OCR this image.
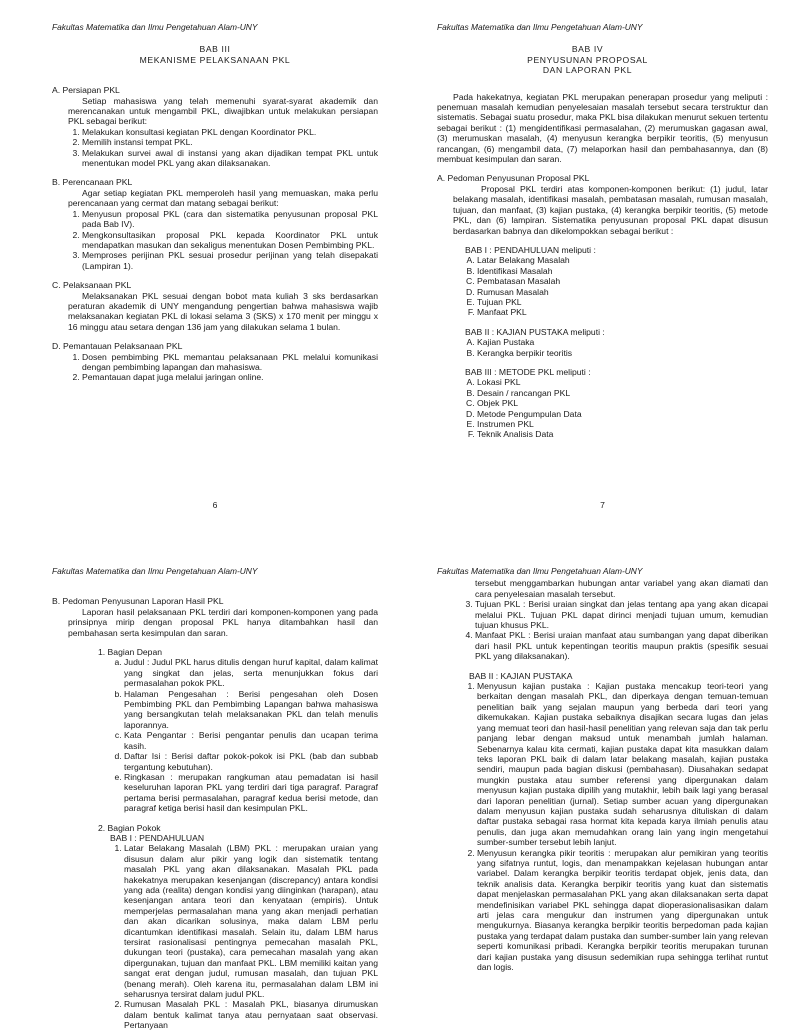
Fakultas Matematika dan Ilmu Pengetahuan Alam-UNY
BAB III
MEKANISME PELAKSANAAN PKL
A. Persiapan PKL
Setiap mahasiswa yang telah memenuhi syarat-syarat akademik dan merencanakan untuk mengambil PKL, diwajibkan untuk melakukan persiapan PKL sebagai berikut:
1. Melakukan konsultasi kegiatan PKL dengan Koordinator PKL.
2. Memilih instansi tempat PKL.
3. Melakukan survei awal di instansi yang akan dijadikan tempat PKL untuk menentukan model PKL yang akan dilaksanakan.
B. Perencanaan PKL
Agar setiap kegiatan PKL memperoleh hasil yang memuaskan, maka perlu perencanaan yang cermat dan matang sebagai berikut:
1. Menyusun proposal PKL (cara dan sistematika penyusunan proposal PKL pada Bab IV).
2. Mengkonsultasikan proposal PKL kepada Koordinator PKL untuk mendapatkan masukan dan sekaligus menentukan Dosen Pembimbing PKL.
3. Memproses perijinan PKL sesuai prosedur perijinan yang telah disepakati (Lampiran 1).
C. Pelaksanaan PKL
Melaksanakan PKL sesuai dengan bobot mata kuliah 3 sks berdasarkan peraturan akademik di UNY mengandung pengertian bahwa mahasiswa wajib melaksanakan kegiatan PKL di lokasi selama 3 (SKS) x 170 menit per minggu x 16 minggu atau setara dengan 136 jam yang dilakukan selama 1 bulan.
D. Pemantauan Pelaksanaan PKL
1. Dosen pembimbing PKL memantau pelaksanaan PKL melalui komunikasi dengan pembimbing lapangan dan mahasiswa.
2. Pemantauan dapat juga melalui jaringan online.
6
Fakultas Matematika dan Ilmu Pengetahuan Alam-UNY
BAB IV
PENYUSUNAN PROPOSAL
DAN LAPORAN PKL
Pada hakekatnya, kegiatan PKL merupakan penerapan prosedur yang meliputi : penemuan masalah kemudian penyelesaian masalah tersebut secara terstruktur dan sistematis. Sebagai suatu prosedur, maka PKL bisa dilakukan menurut sekuen tertentu sebagai berikut : (1) mengidentifikasi permasalahan, (2) merumuskan gagasan awal, (3) merumuskan masalah, (4) menyusun kerangka berpikir teoritis, (5) menyusun rancangan, (6) mengambil data, (7) melaporkan hasil dan pembahasannya, dan (8) membuat kesimpulan dan saran.
A. Pedoman Penyusunan Proposal PKL
Proposal PKL terdiri atas komponen-komponen berikut: (1) judul, latar belakang masalah, identifikasi masalah, pembatasan masalah, rumusan masalah, tujuan, dan manfaat, (3) kajian pustaka, (4) kerangka berpikir teoritis, (5) metode PKL, dan (6) lampiran. Sistematika penyusunan proposal PKL dapat disusun berdasarkan babnya dan dikelompokkan sebagai berikut :
BAB I : PENDAHULUAN meliputi :
A. Latar Belakang Masalah
B. Identifikasi Masalah
C. Pembatasan Masalah
D. Rumusan Masalah
E. Tujuan PKL
F. Manfaat PKL
BAB II : KAJIAN PUSTAKA meliputi :
A. Kajian Pustaka
B. Kerangka berpikir teoritis
BAB III : METODE PKL meliputi :
A. Lokasi PKL
B. Desain / rancangan PKL
C. Objek PKL
D. Metode Pengumpulan Data
E. Instrumen PKL
F. Teknik Analisis Data
7
Fakultas Matematika dan Ilmu Pengetahuan Alam-UNY
B. Pedoman Penyusunan Laporan Hasil PKL
Laporan hasil pelaksanaan PKL terdiri dari komponen-komponen yang pada prinsipnya mirip dengan proposal PKL hanya ditambahkan hasil dan pembahasan serta kesimpulan dan saran.
1. Bagian Depan
a. Judul : Judul PKL harus ditulis dengan huruf kapital, dalam kalimat yang singkat dan jelas, serta menunjukkan fokus dari permasalahan pokok PKL.
b. Halaman Pengesahan : Berisi pengesahan oleh Dosen Pembimbing PKL dan Pembimbing Lapangan bahwa mahasiswa yang bersangkutan telah melaksanakan PKL dan telah menulis laporannya.
c. Kata Pengantar : Berisi pengantar penulis dan ucapan terima kasih.
d. Daftar Isi : Berisi daftar pokok-pokok isi PKL (bab dan subbab tergantung kebutuhan).
e. Ringkasan : merupakan rangkuman atau pemadatan isi hasil keseluruhan laporan PKL yang terdiri dari tiga paragraf. Paragraf pertama berisi permasalahan, paragraf kedua berisi metode, dan paragraf ketiga berisi hasil dan kesimpulan PKL.
2. Bagian Pokok
BAB I : PENDAHULUAN
1. Latar Belakang Masalah (LBM) PKL : merupakan uraian yang disusun dalam alur pikir yang logik dan sistematik tentang masalah PKL yang akan dilaksanakan. Masalah PKL pada hakekatnya merupakan kesenjangan (discrepancy) antara kondisi yang ada (realita) dengan kondisi yang diinginkan (harapan), atau kesenjangan antara teori dan kenyataan (empiris). Untuk memperjelas permasalahan mana yang akan menjadi perhatian dan akan dicarikan solusinya, maka dalam LBM perlu dicantumkan identifikasi masalah. Selain itu, dalam LBM harus tersirat rasionalisasi pentingnya pemecahan masalah PKL, dukungan teori (pustaka), cara pemecahan masalah yang akan dipergunakan, tujuan dan manfaat PKL. LBM memiliki kaitan yang sangat erat dengan judul, rumusan masalah, dan tujuan PKL (benang merah). Oleh karena itu, permasalahan dalam LBM ini seharusnya tersirat dalam judul PKL.
2. Rumusan Masalah PKL : Masalah PKL, biasanya dirumuskan dalam bentuk kalimat tanya atau pernyataan saat observasi. Pertanyaan
Fakultas Matematika dan Ilmu Pengetahuan Alam-UNY
tersebut menggambarkan hubungan antar variabel yang akan diamati dan cara penyelesaian masalah tersebut.
3. Tujuan PKL : Berisi uraian singkat dan jelas tentang apa yang akan dicapai melalui PKL. Tujuan PKL dapat dirinci menjadi tujuan umum, kemudian tujuan khusus PKL.
4. Manfaat PKL : Berisi uraian manfaat atau sumbangan yang dapat diberikan dari hasil PKL untuk kepentingan teoritis maupun praktis (spesifik sesuai PKL yang dilaksanakan).
BAB II : KAJIAN PUSTAKA
1. Menyusun kajian pustaka : Kajian pustaka mencakup teori-teori yang berkaitan dengan masalah PKL, dan diperkaya dengan temuan-temuan penelitian baik yang sejalan maupun yang berbeda dari teori yang dikemukakan. Kajian pustaka sebaiknya disajikan secara lugas dan jelas yang memuat teori dan hasil-hasil penelitian yang relevan saja dan tak perlu panjang lebar dengan maksud untuk menambah jumlah halaman. Sebenarnya kalau kita cermati, kajian pustaka dapat kita masukkan dalam teks laporan PKL baik di dalam latar belakang masalah, kajian pustaka sendiri, maupun pada bagian diskusi (pembahasan). Diusahakan sedapat mungkin pustaka atau sumber referensi yang dipergunakan dalam menyusun kajian pustaka dipilih yang mutakhir, lebih baik lagi yang berasal dari laporan penelitian (jurnal). Setiap sumber acuan yang dipergunakan dalam menyusun kajian pustaka sudah seharusnya dituliskan di dalam daftar pustaka sebagai rasa hormat kita kepada karya ilmiah penulis atau penulis, dan juga akan memudahkan orang lain yang ingin mengetahui sumber-sumber tersebut lebih lanjut.
2. Menyusun kerangka pikir teoritis : merupakan alur pemikiran yang teoritis yang sifatnya runtut, logis, dan menampakkan kejelasan hubungan antar variabel. Dalam kerangka berpikir teoritis terdapat objek, jenis data, dan teknik analisis data. Kerangka berpikir teoritis yang kuat dan sistematis dapat menjelaskan permasalahan PKL yang akan dilaksanakan serta dapat mendefinisikan variabel PKL sehingga dapat dioperasionalisasikan dalam arti jelas cara mengukur dan instrumen yang dipergunakan untuk mengukurnya. Biasanya kerangka berpikir teoritis berpedoman pada kajian pustaka yang terdapat dalam pustaka dan sumber-sumber lain yang relevan seperti komunikasi pribadi. Kerangka berpikir teoritis merupakan turunan dari kajian pustaka yang disusun sedemikian rupa sehingga terlihat runtut dan logis.
